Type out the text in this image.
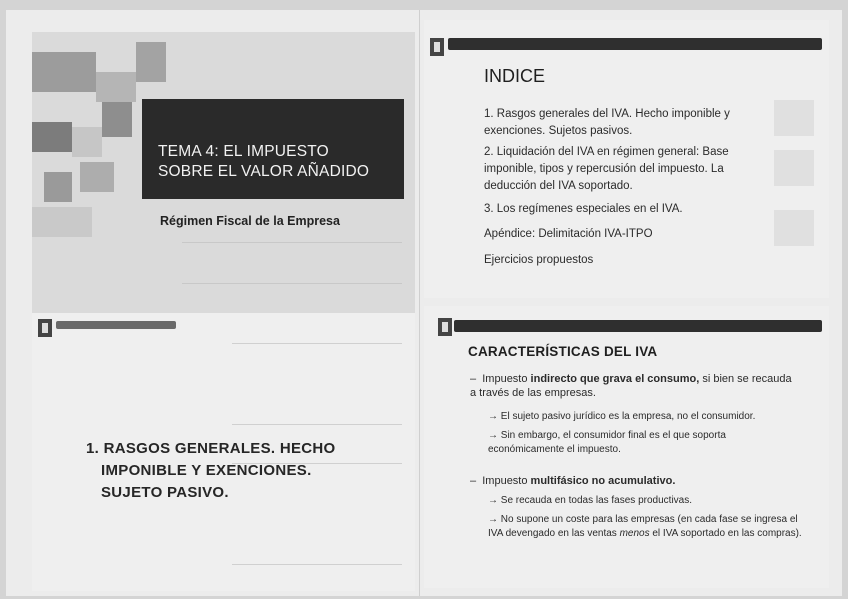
TEMA 4: EL IMPUESTO
SOBRE EL VALOR AÑADIDO
Régimen Fiscal de la Empresa
INDICE
1. Rasgos generales del IVA. Hecho imponible y exenciones. Sujetos pasivos.
2. Liquidación del IVA en régimen general: Base imponible, tipos y repercusión del impuesto. La deducción del IVA soportado.
3. Los regímenes especiales en el IVA.
Apéndice: Delimitación IVA-ITPO
Ejercicios propuestos
1. RASGOS GENERALES. HECHO
IMPONIBLE Y EXENCIONES.
SUJETO PASIVO.
CARACTERÍSTICAS DEL IVA
–  Impuesto indirecto que grava el consumo, si bien se recauda a través de las empresas.
→ El sujeto pasivo jurídico es la empresa, no el consumidor.
→ Sin embargo, el consumidor final es el que soporta económicamente el impuesto.
–  Impuesto multifásico no acumulativo.
→ Se recauda en todas las fases productivas.
→ No supone un coste para las empresas (en cada fase se ingresa el IVA devengado en las ventas menos el IVA soportado en las compras).
